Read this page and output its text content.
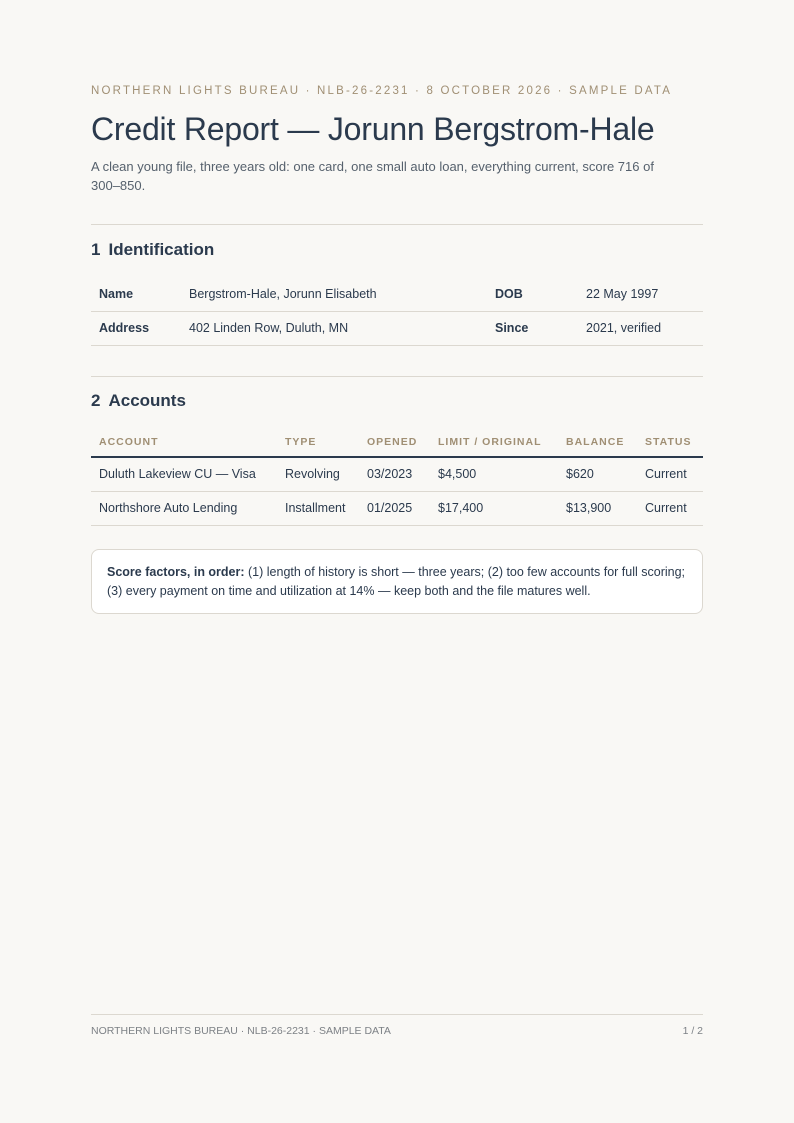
NORTHERN LIGHTS BUREAU · NLB-26-2231 · 8 OCTOBER 2026 · SAMPLE DATA
Credit Report — Jorunn Bergstrom-Hale

A clean young file, three years old: one card, one small auto loan, everything current, score 716 of 300–850.

1 Identification
Name	Bergstrom-Hale, Jorunn Elisabeth	DOB	22 May 1997
Address	402 Linden Row, Duluth, MN	Since	2021, verified
2 Accounts
ACCOUNT	TYPE	OPENED	LIMIT / ORIGINAL	BALANCE	STATUS
Duluth Lakeview CU — Visa	Revolving	03/2023	$4,500	$620	Current
Northshore Auto Lending	Installment	01/2025	$17,400	$13,900	Current
Score factors, in order: (1) length of history is short — three years; (2) too few accounts for full scoring; (3) every payment on time and utilization at 14% — keep both and the file matures well.
NORTHERN LIGHTS BUREAU · NLB-26-2231 · SAMPLE DATA	1 / 2
